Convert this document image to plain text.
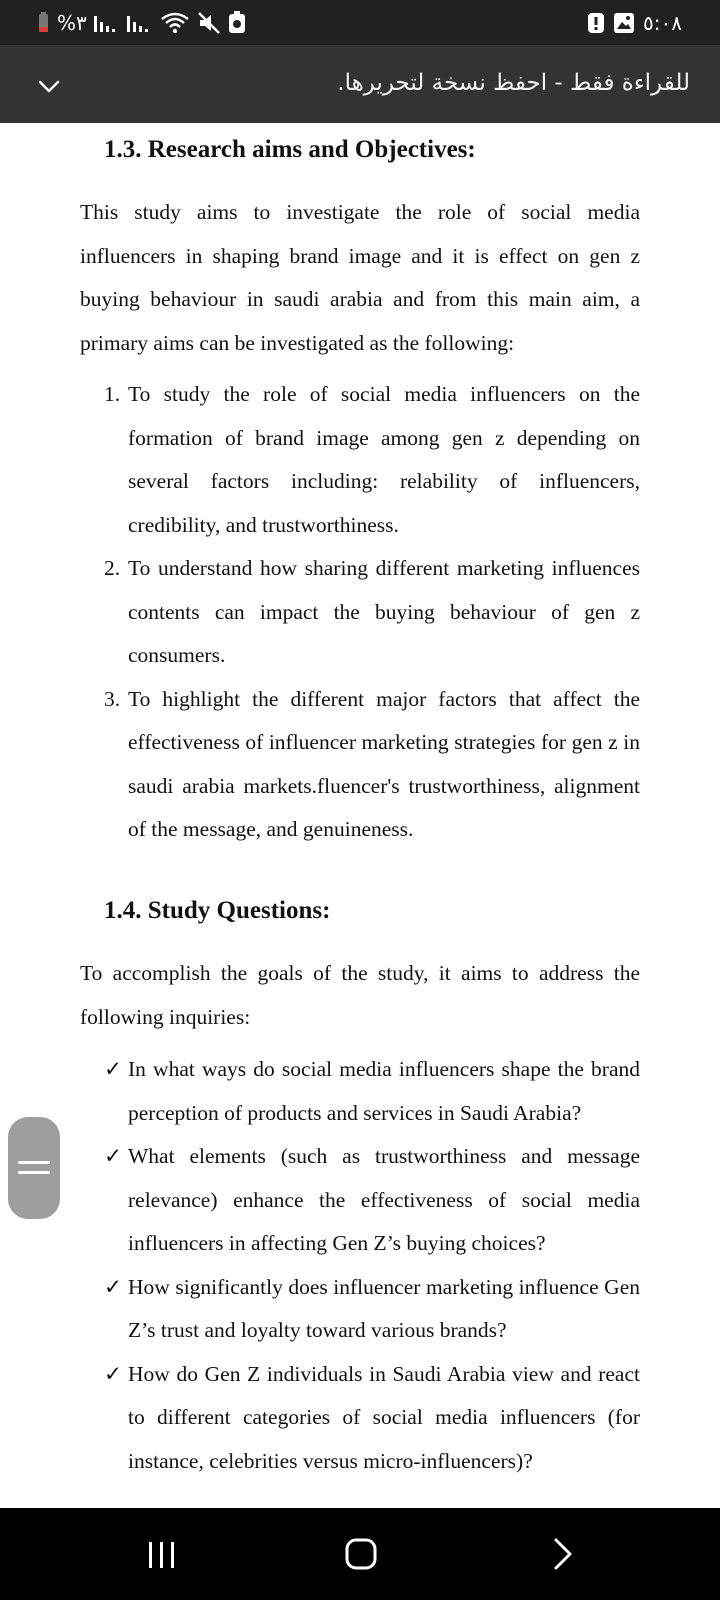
%٣	٥:٠٨
للقراءة فقط - احفظ نسخة لتحريرها.
1.3. Research aims and Objectives:

This study aims to investigate the role of social media influencers in shaping brand image and it is effect on gen z buying behaviour in saudi arabia and from this main aim, a primary aims can be investigated as the following:

1. To study the role of social media influencers on the formation of brand image among gen z depending on several factors including: relability of influencers, credibility, and trustworthiness.
2. To understand how sharing different marketing influences contents can impact the buying behaviour of gen z consumers.
3. To highlight the different major factors that affect the effectiveness of influencer marketing strategies for gen z in saudi arabia markets.fluencer's trustworthiness, alignment of the message, and genuineness.
1.4. Study Questions:

To accomplish the goals of the study, it aims to address the following inquiries:

✓ In what ways do social media influencers shape the brand perception of products and services in Saudi Arabia?
✓ What elements (such as trustworthiness and message relevance) enhance the effectiveness of social media influencers in affecting Gen Z’s buying choices?
✓ How significantly does influencer marketing influence Gen Z’s trust and loyalty toward various brands?
✓ How do Gen Z individuals in Saudi Arabia view and react to different categories of social media influencers (for instance, celebrities versus micro-influencers)?
